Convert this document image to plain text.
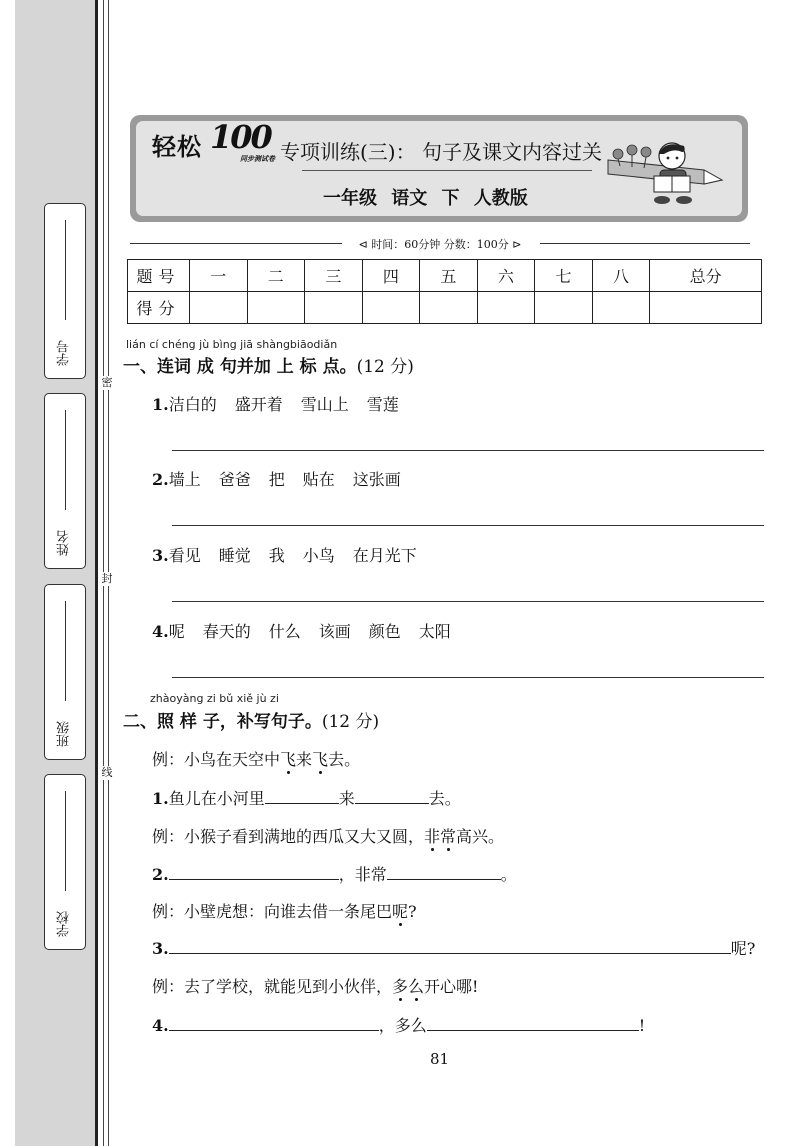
密
封
线
学号
姓名
班级
学校
轻松 100
同步测试卷 专项训练(三)： 句子及课文内容过关
一年级 语文 下 人教版
⊲ 时间：60分钟 分数：100分 ⊳
题号	一	二	三	四	五	六	七	八	总分
得分									
lián cí chéng jù bìng jiā shàngbiāodiǎn
一、连词 成 句并加 上 标 点。(12 分)
1.洁白的 盛开着 雪山上 雪莲
2.墙上 爸爸 把 贴在 这张画
3.看见 睡觉 我 小鸟 在月光下
4.呢 春天的 什么 该画 颜色 太阳
zhàoyàng zi bǔ xiě jù zi
二、照 样 子，补写句子。(12 分)
例：小鸟在天空中飞来飞去。
1.鱼儿在小河里	来	去。
例：小猴子看到满地的西瓜又大又圆，非常高兴。
2.	，非常	。
例：小壁虎想：向谁去借一条尾巴呢?
3.	呢?
例：去了学校，就能见到小伙伴，多么开心哪!
4.	，多么	!
81
